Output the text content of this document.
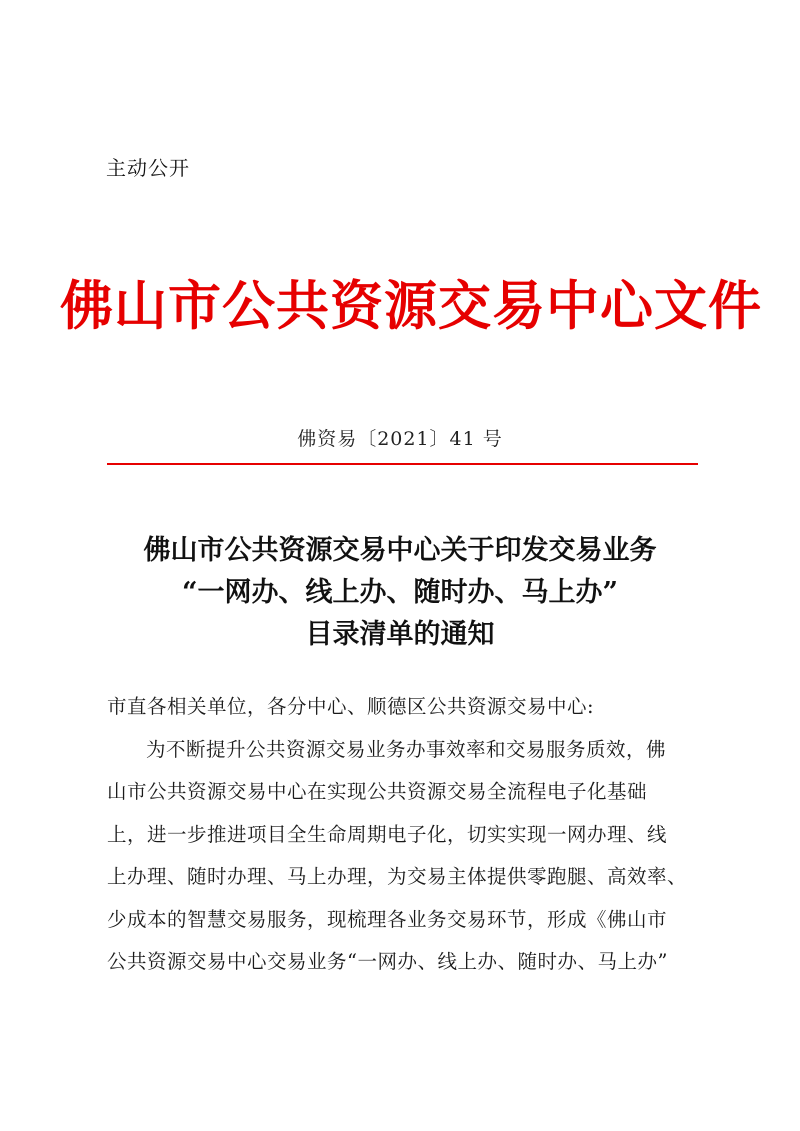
主动公开
佛山市公共资源交易中心文件
佛资易〔2021〕41 号
佛山市公共资源交易中心关于印发交易业务
“一网办、线上办、随时办、马上办”
目录清单的通知
市直各相关单位，各分中心、顺德区公共资源交易中心:
为不断提升公共资源交易业务办事效率和交易服务质效，佛
山市公共资源交易中心在实现公共资源交易全流程电子化基础
上，进一步推进项目全生命周期电子化，切实实现一网办理、线
上办理、随时办理、马上办理，为交易主体提供零跑腿、高效率、
少成本的智慧交易服务，现梳理各业务交易环节，形成《佛山市
公共资源交易中心交易业务“一网办、线上办、随时办、马上办”
